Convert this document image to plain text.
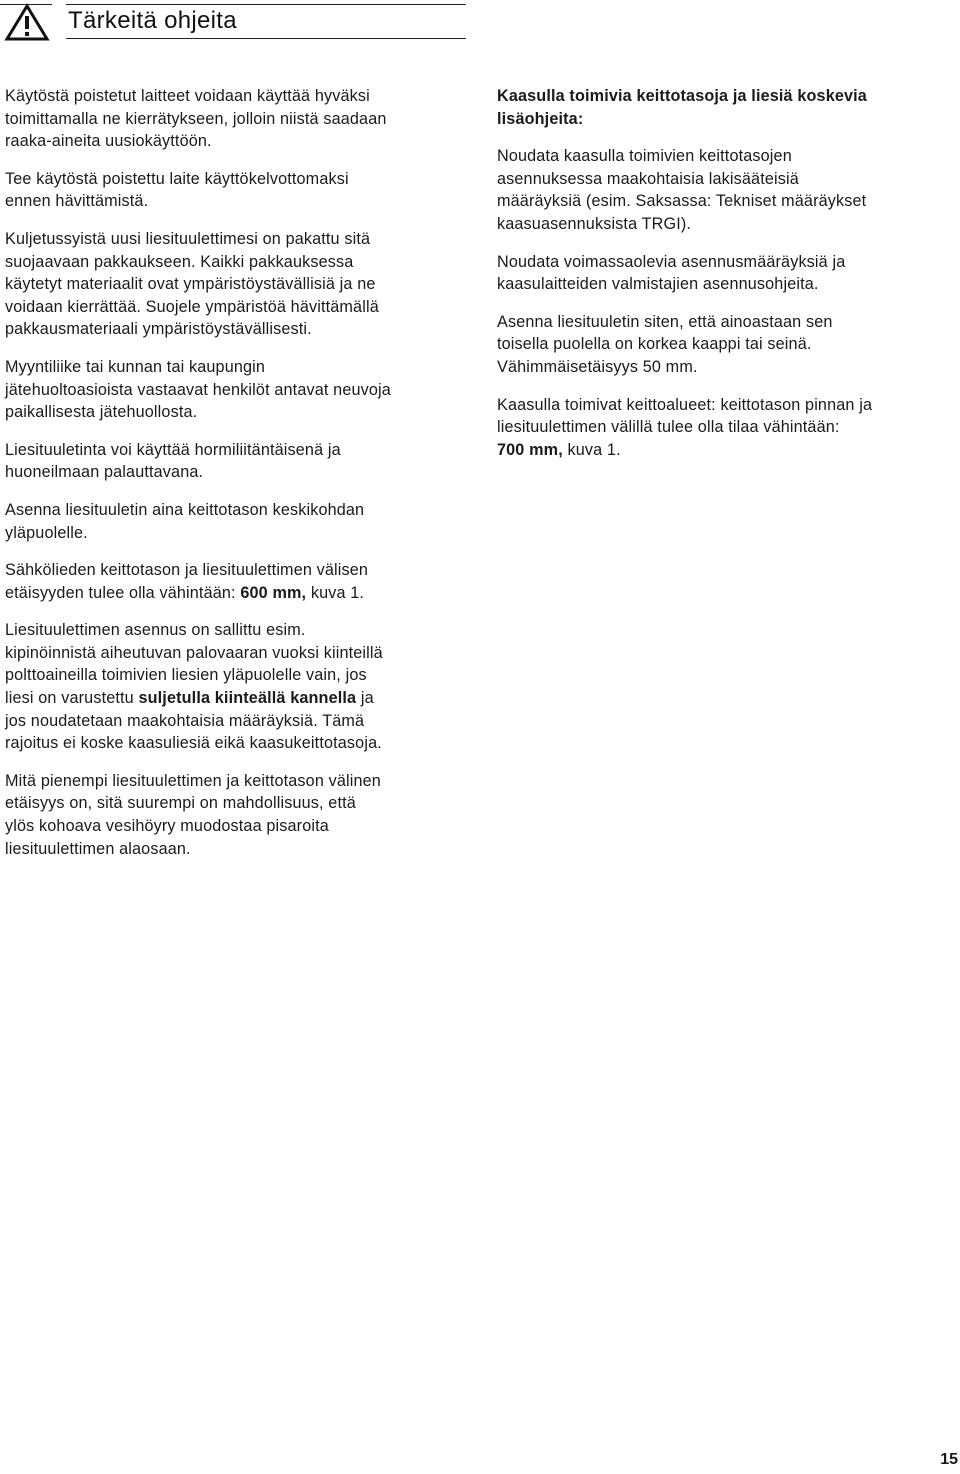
Tärkeitä ohjeita

Käytöstä poistetut laitteet voidaan käyttää hyväksi
toimittamalla ne kierrätykseen, jolloin niistä saadaan
raaka-aineita uusiokäyttöön.

Tee käytöstä poistettu laite käyttökelvottomaksi
ennen hävittämistä.

Kuljetussyistä uusi liesituulettimesi on pakattu sitä
suojaavaan pakkaukseen. Kaikki pakkauksessa
käytetyt materiaalit ovat ympäristöystävällisiä ja ne
voidaan kierrättää. Suojele ympäristöä hävittämällä
pakkausmateriaali ympäristöystävällisesti.

Myyntiliike tai kunnan tai kaupungin
jätehuoltoasioista vastaavat henkilöt antavat neuvoja
paikallisesta jätehuollosta.

Liesituuletinta voi käyttää hormiliitäntäisenä ja
huoneilmaan palauttavana.

Asenna liesituuletin aina keittotason keskikohdan
yläpuolelle.

Sähkölieden keittotason ja liesituulettimen välisen
etäisyyden tulee olla vähintään: 600 mm, kuva 1.

Liesituulettimen asennus on sallittu esim.
kipinöinnistä aiheutuvan palovaaran vuoksi kiinteillä
polttoaineilla toimivien liesien yläpuolelle vain, jos
liesi on varustettu suljetulla kiinteällä kannella ja
jos noudatetaan maakohtaisia määräyksiä. Tämä
rajoitus ei koske kaasuliesiä eikä kaasukeittotasoja.

Mitä pienempi liesituulettimen ja keittotason välinen
etäisyys on, sitä suurempi on mahdollisuus, että
ylös kohoava vesihöyry muodostaa pisaroita
liesituulettimen alaosaan.

Kaasulla toimivia keittotasoja ja liesiä koskevia
lisäohjeita:

Noudata kaasulla toimivien keittotasojen
asennuksessa maakohtaisia lakisääteisiä
määräyksiä (esim. Saksassa: Tekniset määräykset
kaasuasennuksista TRGI).

Noudata voimassaolevia asennusmääräyksiä ja
kaasulaitteiden valmistajien asennusohjeita.

Asenna liesituuletin siten, että ainoastaan sen
toisella puolella on korkea kaappi tai seinä.
Vähimmäisetäisyys 50 mm.

Kaasulla toimivat keittoalueet: keittotason pinnan ja
liesituulettimen välillä tulee olla tilaa vähintään:
700 mm, kuva 1.

15
